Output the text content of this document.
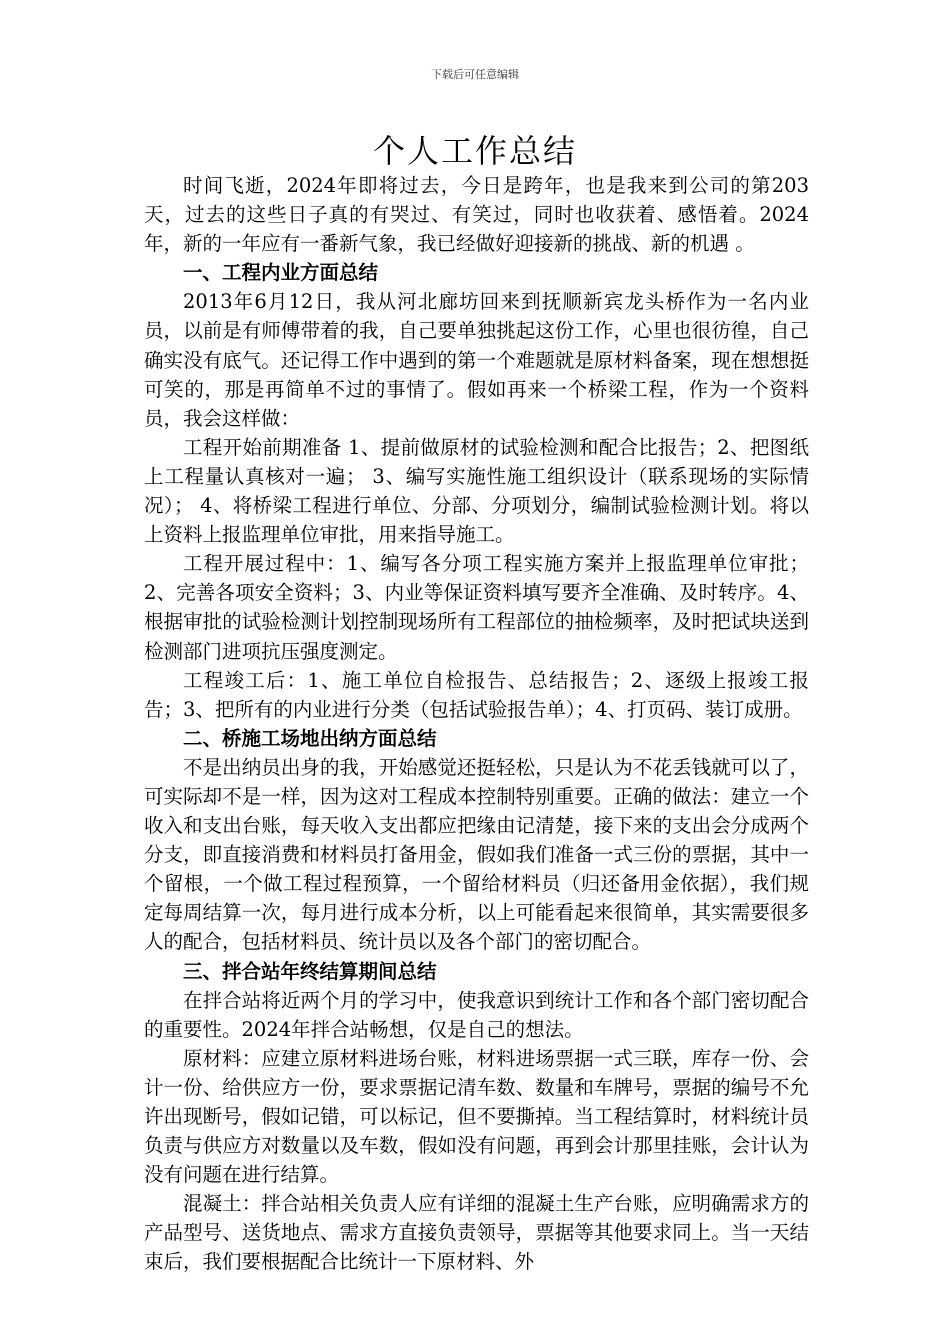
下载后可任意编辑
个人工作总结

时间飞逝，2024年即将过去，今日是跨年，也是我来到公司的第203天，过去的这些日子真的有哭过、有笑过，同时也收获着、感悟着。2024年，新的一年应有一番新气象，我已经做好迎接新的挑战、新的机遇 。

一、工程内业方面总结

2013年6月12日，我从河北廊坊回来到抚顺新宾龙头桥作为一名内业员，以前是有师傅带着的我，自己要单独挑起这份工作，心里也很彷徨，自己确实没有底气。还记得工作中遇到的第一个难题就是原材料备案，现在想想挺可笑的，那是再简单不过的事情了。假如再来一个桥梁工程，作为一个资料员，我会这样做：

工程开始前期准备 1、提前做原材的试验检测和配合比报告；2、把图纸上工程量认真核对一遍； 3、编写实施性施工组织设计（联系现场的实际情况）； 4、将桥梁工程进行单位、分部、分项划分，编制试验检测计划。将以上资料上报监理单位审批，用来指导施工。

工程开展过程中：1、编写各分项工程实施方案并上报监理单位审批；2、完善各项安全资料；3、内业等保证资料填写要齐全准确、及时转序。4、根据审批的试验检测计划控制现场所有工程部位的抽检频率，及时把试块送到检测部门进项抗压强度测定。

工程竣工后：1、施工单位自检报告、总结报告；2、逐级上报竣工报告；3、把所有的内业进行分类（包括试验报告单）；4、打页码、装订成册。

二、桥施工场地出纳方面总结

不是出纳员出身的我，开始感觉还挺轻松，只是认为不花丢钱就可以了，可实际却不是一样，因为这对工程成本控制特别重要。正确的做法：建立一个收入和支出台账，每天收入支出都应把缘由记清楚，接下来的支出会分成两个分支，即直接消费和材料员打备用金，假如我们准备一式三份的票据，其中一个留根，一个做工程过程预算，一个留给材料员（归还备用金依据），我们规定每周结算一次，每月进行成本分析，以上可能看起来很简单，其实需要很多人的配合，包括材料员、统计员以及各个部门的密切配合。

三、拌合站年终结算期间总结

在拌合站将近两个月的学习中，使我意识到统计工作和各个部门密切配合的重要性。2024年拌合站畅想，仅是自己的想法。

原材料：应建立原材料进场台账，材料进场票据一式三联，库存一份、会计一份、给供应方一份，要求票据记清车数、数量和车牌号，票据的编号不允许出现断号，假如记错，可以标记，但不要撕掉。当工程结算时，材料统计员负责与供应方对数量以及车数，假如没有问题，再到会计那里挂账，会计认为没有问题在进行结算。

混凝土：拌合站相关负责人应有详细的混凝土生产台账，应明确需求方的产品型号、送货地点、需求方直接负责领导，票据等其他要求同上。当一天结束后，我们要根据配合比统计一下原材料、外
